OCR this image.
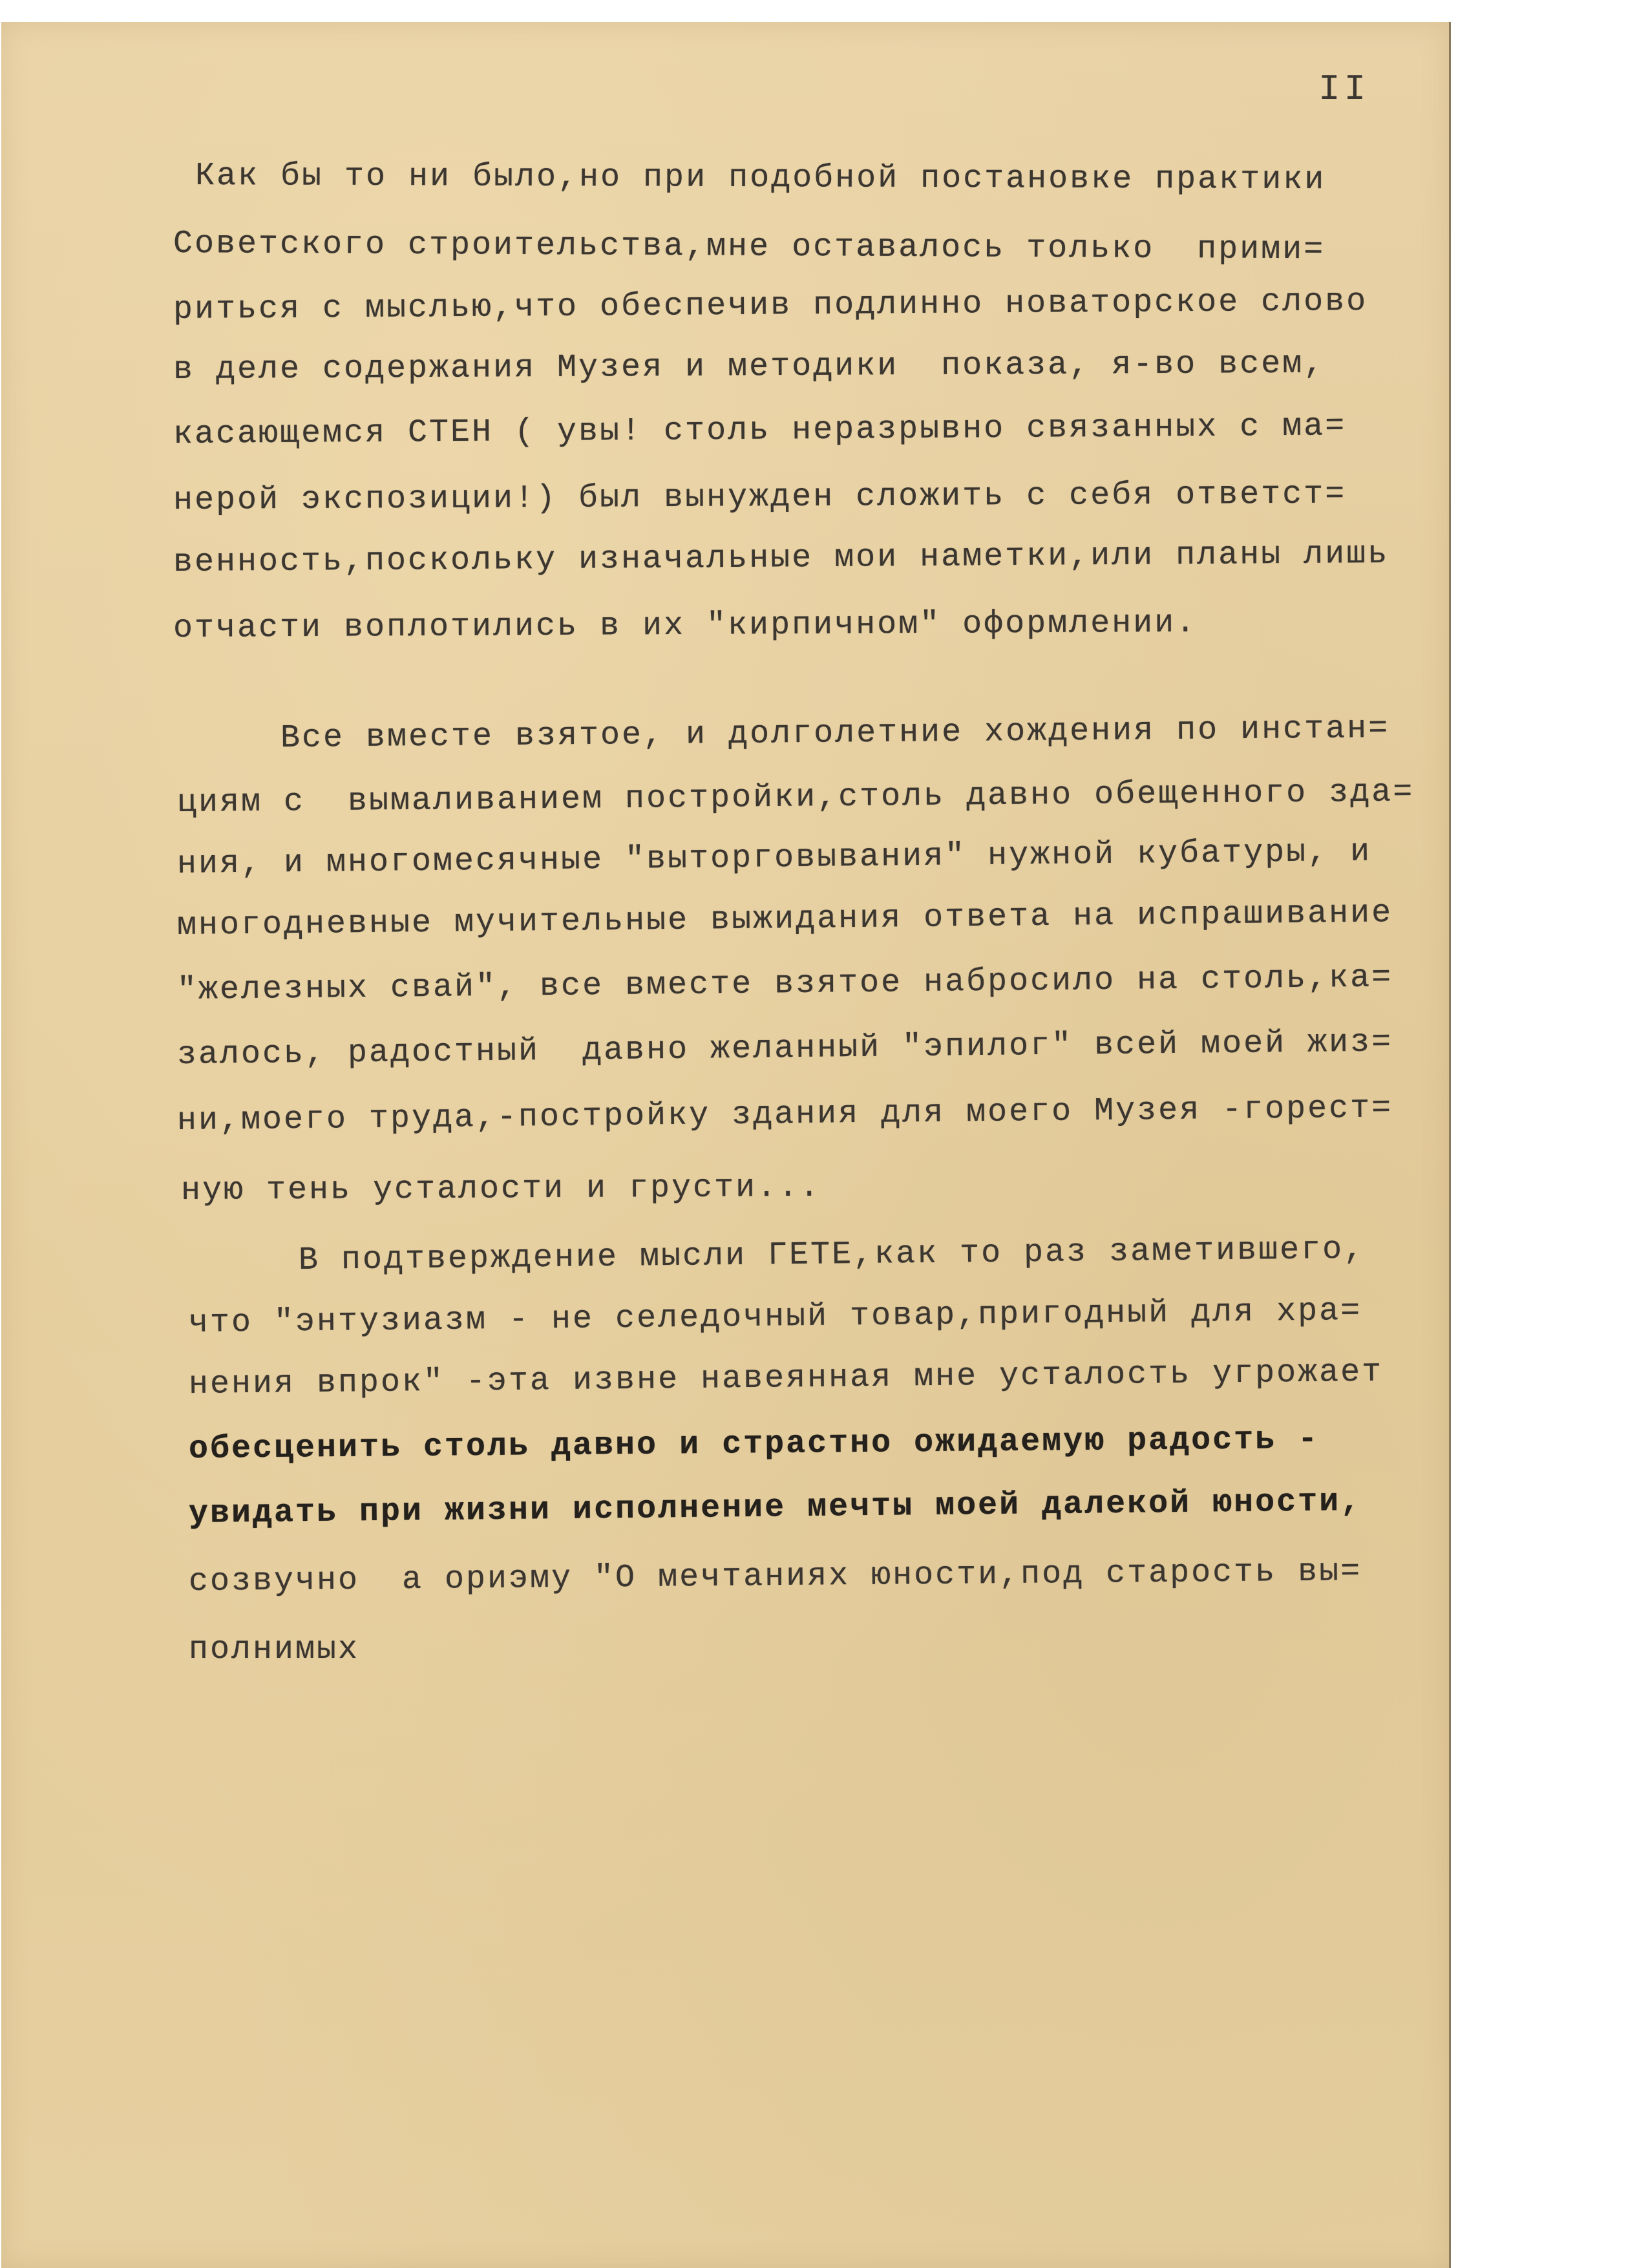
II

Как бы то ни было,но при подобной постановке практики

Советского строительства,мне оставалось только  прими=

риться с мыслью,что обеспечив подлинно новаторское слово

в деле содержания Музея и методики  показа, я-во всем,

касающемся СТЕН ( увы! столь неразрывно связанных с ма=

нерой экспозиции!) был вынужден сложить с себя ответст=

венность,поскольку изначальные мои наметки,или планы лишь

отчасти воплотились в их "кирпичном" оформлении.

Все вместе взятое, и долголетние хождения по инстан=

циям с  вымаливанием постройки,столь давно обещенного зда=

ния, и многомесячные "выторговывания" нужной кубатуры, и

многодневные мучительные выжидания ответа на испрашивание

"железных свай", все вместе взятое набросило на столь,ка=

залось, радостный  давно желанный "эпилог" всей моей жиз=

ни,моего труда,-постройку здания для моего Музея -горест=

ную тень усталости и грусти...

В подтверждение мысли ГЕТЕ,как то раз заметившего,

что "энтузиазм - не селедочный товар,пригодный для хра=

нения впрок" -эта извне навеянная мне усталость угрожает

обесценить столь давно и страстно ожидаемую радость -

увидать при жизни исполнение мечты моей далекой юности,

созвучно  а ориэму "О мечтаниях юности,под старость вы=

полнимых
